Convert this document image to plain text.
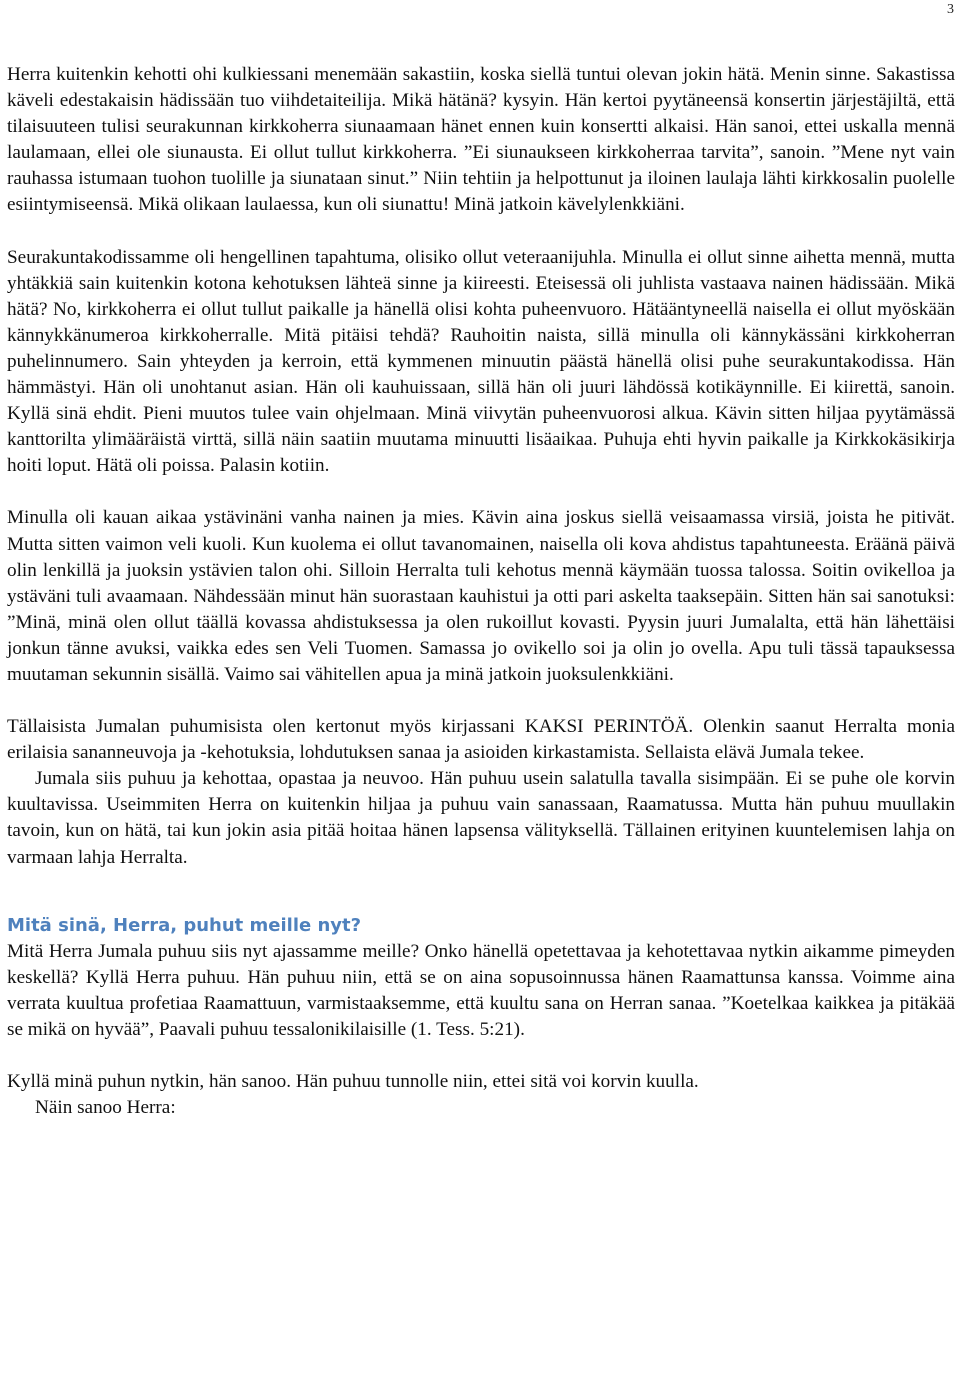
3

Herra kuitenkin kehotti ohi kulkiessani menemään sakastiin, koska siellä tuntui olevan jokin hätä. Menin sinne. Sakastissa käveli edestakaisin hädissään tuo viihdetaiteilija. Mikä hätänä? kysyin. Hän kertoi pyytäneensä konsertin järjestäjiltä, että tilaisuuteen tulisi seurakunnan kirkkoherra siunaamaan hänet ennen kuin konsertti alkaisi. Hän sanoi, ettei uskalla mennä laulamaan, ellei ole siunausta. Ei ollut tullut kirkkoherra. ”Ei siunaukseen kirkkoherraa tarvita”, sanoin. ”Mene nyt vain rauhassa istumaan tuohon tuolille ja siunataan sinut.” Niin tehtiin ja helpottunut ja iloinen laulaja lähti kirkkosalin puolelle esiintymiseensä. Mikä olikaan laulaessa, kun oli siunattu! Minä jatkoin kävelylenkkiäni.

Seurakuntakodissamme oli hengellinen tapahtuma, olisiko ollut veteraanijuhla. Minulla ei ollut sinne aihetta mennä, mutta yhtäkkiä sain kuitenkin kotona kehotuksen lähteä sinne ja kiireesti. Eteisessä oli juhlista vastaava nainen hädissään. Mikä hätä? No, kirkkoherra ei ollut tullut paikalle ja hänellä olisi kohta puheenvuoro. Hätääntyneellä naisella ei ollut myöskään kännykkänumeroa kirkkoherralle. Mitä pitäisi tehdä? Rauhoitin naista, sillä minulla oli kännykässäni kirkkoherran puhelinnumero. Sain yhteyden ja kerroin, että kymmenen minuutin päästä hänellä olisi puhe seurakuntakodissa. Hän hämmästyi. Hän oli unohtanut asian. Hän oli kauhuissaan, sillä hän oli juuri lähdössä kotikäynnille. Ei kiirettä, sanoin. Kyllä sinä ehdit. Pieni muutos tulee vain ohjelmaan. Minä viivytän puheenvuorosi alkua. Kävin sitten hiljaa pyytämässä kanttorilta ylimääräistä virttä, sillä näin saatiin muutama minuutti lisäaikaa. Puhuja ehti hyvin paikalle ja Kirkkokäsikirja hoiti loput. Hätä oli poissa. Palasin kotiin.

Minulla oli kauan aikaa ystävinäni vanha nainen ja mies. Kävin aina joskus siellä veisaamassa virsiä, joista he pitivät. Mutta sitten vaimon veli kuoli. Kun kuolema ei ollut tavanomainen, naisella oli kova ahdistus tapahtuneesta. Eräänä päivä olin lenkillä ja juoksin ystävien talon ohi. Silloin Herralta tuli kehotus mennä käymään tuossa talossa. Soitin ovikelloa ja ystäväni tuli avaamaan. Nähdessään minut hän suorastaan kauhistui ja otti pari askelta taaksepäin. Sitten hän sai sanotuksi: ”Minä, minä olen ollut täällä kovassa ahdistuksessa ja olen rukoillut kovasti. Pyysin juuri Jumalalta, että hän lähettäisi jonkun tänne avuksi, vaikka edes sen Veli Tuomen. Samassa jo ovikello soi ja olin jo ovella. Apu tuli tässä tapauksessa muutaman sekunnin sisällä. Vaimo sai vähitellen apua ja minä jatkoin juoksulenkkiäni.

Tällaisista Jumalan puhumisista olen kertonut myös kirjassani KAKSI PERINTÖÄ. Olenkin saanut Herralta monia erilaisia sananneuvoja ja -kehotuksia, lohdutuksen sanaa ja asioiden kirkastamista. Sellaista elävä Jumala tekee.

Jumala siis puhuu ja kehottaa, opastaa ja neuvoo. Hän puhuu usein salatulla tavalla sisimpään. Ei se puhe ole korvin kuultavissa. Useimmiten Herra on kuitenkin hiljaa ja puhuu vain sanassaan, Raamatussa. Mutta hän puhuu muullakin tavoin, kun on hätä, tai kun jokin asia pitää hoitaa hänen lapsensa välityksellä. Tällainen erityinen kuuntelemisen lahja on varmaan lahja Herralta.

Mitä sinä, Herra, puhut meille nyt?

Mitä Herra Jumala puhuu siis nyt ajassamme meille? Onko hänellä opetettavaa ja kehotettavaa nytkin aikamme pimeyden keskellä? Kyllä Herra puhuu. Hän puhuu niin, että se on aina sopusoinnussa hänen Raamattunsa kanssa. Voimme aina verrata kuultua profetiaa Raamattuun, varmistaaksemme, että kuultu sana on Herran sanaa. ”Koetelkaa kaikkea ja pitäkää se mikä on hyvää”, Paavali puhuu tessalonikilaisille (1. Tess. 5:21).

Kyllä minä puhun nytkin, hän sanoo. Hän puhuu tunnolle niin, ettei sitä voi korvin kuulla.

Näin sanoo Herra:
